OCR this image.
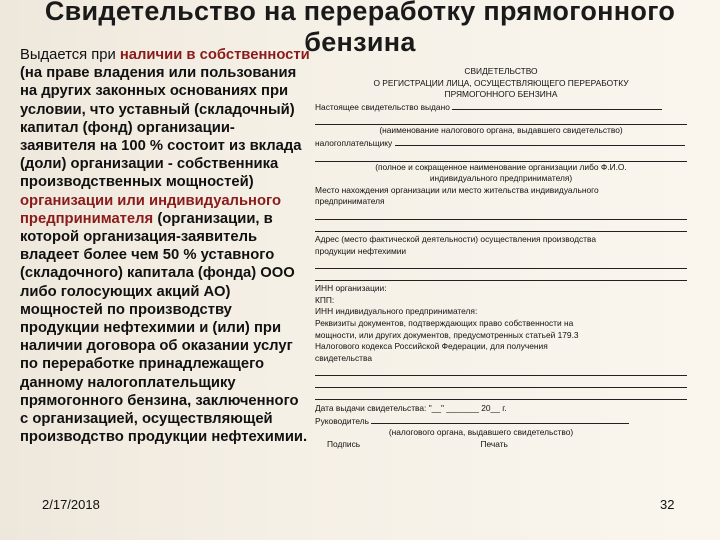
Свидетельство на переработку прямогонного
бензина
Выдается при наличии в собственности (на праве владения или пользования на других законных основаниях при условии, что уставный (складочный) капитал (фонд) организации-заявителя на 100 % состоит из вклада (доли) организации - собственника производственных мощностей) организации или индивидуального предпринимателя (организации, в которой организация-заявитель владеет более чем 50 % уставного (складочного) капитала (фонда) ООО либо голосующих акций АО) мощностей по производству продукции нефтехимии и (или) при наличии договора об оказании услуг по переработке принадлежащего данному налогоплательщику прямогонного бензина, заключенного с организацией, осуществляющей производство продукции нефтехимии.
СВИДЕТЕЛЬСТВО
О РЕГИСТРАЦИИ ЛИЦА, ОСУЩЕСТВЛЯЮЩЕГО ПЕРЕРАБОТКУ
ПРЯМОГОННОГО БЕНЗИНА
Настоящее свидетельство выдано
(наименование налогового органа, выдавшего свидетельство)
налогоплательщику
(полное и сокращенное наименование организации либо Ф.И.О.
индивидуального предпринимателя)
Место нахождения организации или место жительства индивидуального
предпринимателя
Адрес (место фактической деятельности) осуществления производства
продукции нефтехимии
ИНН организации:
КПП:
ИНН индивидуального предпринимателя:
Реквизиты документов, подтверждающих право собственности на
мощности, или других документов, предусмотренных статьей 179.3
Налогового кодекса Российской Федерации, для получения
свидетельства
Дата выдачи свидетельства: "__" _______ 20__ г.
Руководитель
(налогового органа, выдавшего свидетельство)
Подпись	Печать
2/17/2018	32
